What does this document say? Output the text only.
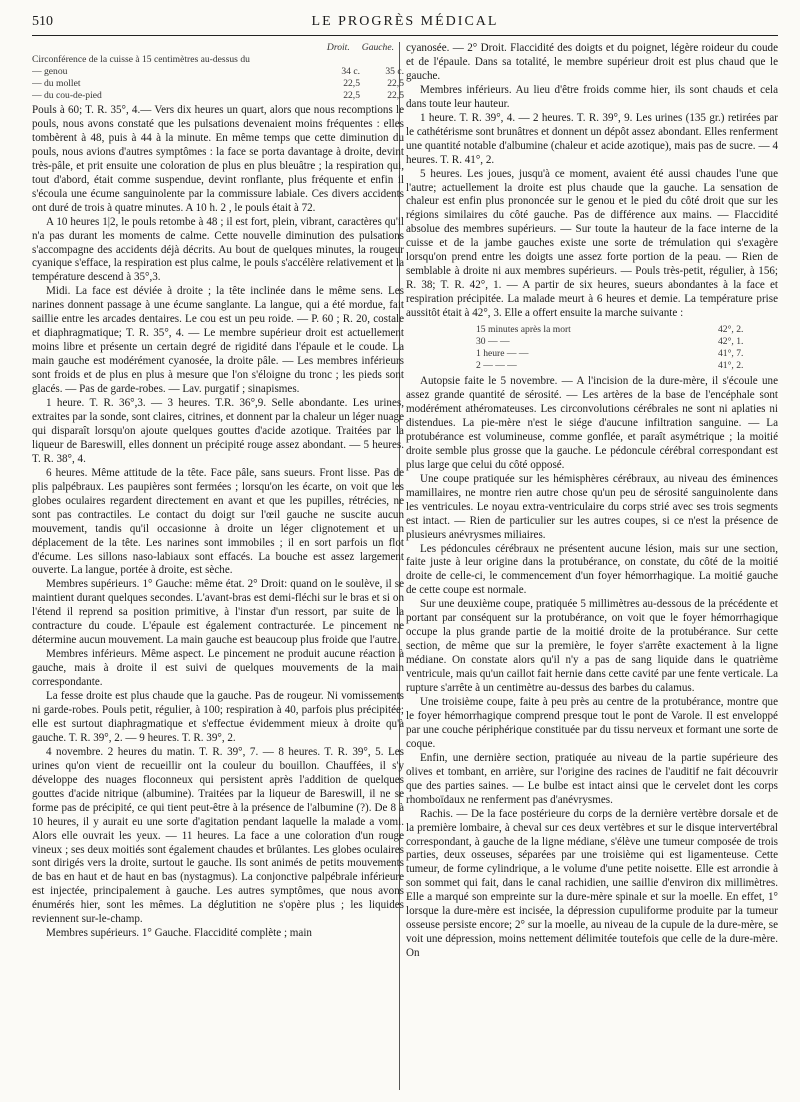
510	LE PROGRÈS MÉDICAL
Droit. Gauche.
Circonférence de la cuisse à 15 centimètres au-dessus du
— genou	34 c.	35 c.
— du mollet	22,5	22,5
— du cou-de-pied	22,5	22,5

Pouls à 60; T. R. 35°, 4.— Vers dix heures un quart, alors que nous recomptions le pouls, nous avons constaté que les pulsations devenaient moins fréquentes : elles tombèrent à 48, puis à 44 à la minute. En même temps que cette diminution du pouls, nous avions d'autres symptômes : la face se porta davantage à droite, devint très-pâle, et prit ensuite une coloration de plus en plus bleuâtre ; la respiration qui, tout d'abord, était comme suspendue, devint ronflante, plus fréquente et enfin il s'écoula une écume sanguinolente par la commissure labiale. Ces divers accidents ont duré de trois à quatre minutes. A 10 h. 2 , le pouls était à 72.

A 10 heures 1|2, le pouls retombe à 48 ; il est fort, plein, vibrant, caractères qu'il n'a pas durant les moments de calme. Cette nouvelle diminution des pulsations s'accompagne des accidents déjà décrits. Au bout de quelques minutes, la rougeur cyanique s'efface, la respiration est plus calme, le pouls s'accélère relativement et la température descend à 35°,3.

Midi. La face est déviée à droite ; la tête inclinée dans le même sens. Les narines donnent passage à une écume sanglante. La langue, qui a été mordue, fait saillie entre les arcades dentaires. Le cou est un peu roide. — P. 60 ; R. 20, costale et diaphragmatique; T. R. 35°, 4. — Le membre supérieur droit est actuellement moins libre et présente un certain degré de rigidité dans l'épaule et le coude. La main gauche est modérément cyanosée, la droite pâle. — Les membres inférieurs sont froids et de plus en plus à mesure que l'on s'éloigne du tronc ; les pieds sont glacés. — Pas de garde-robes. — Lav. purgatif ; sinapismes.

1 heure. T. R. 36°,3. — 3 heures. T.R. 36°,9. Selle abondante. Les urines, extraites par la sonde, sont claires, citrines, et donnent par la chaleur un léger nuage qui disparaît lorsqu'on ajoute quelques gouttes d'acide azotique. Traitées par la liqueur de Bareswill, elles donnent un précipité rouge assez abondant. — 5 heures. T. R. 38°, 4.

6 heures. Même attitude de la tête. Face pâle, sans sueurs. Front lisse. Pas de plis palpébraux. Les paupières sont fermées ; lorsqu'on les écarte, on voit que les globes oculaires regardent directement en avant et que les pupilles, rétrécies, ne sont pas contractiles. Le contact du doigt sur l'œil gauche ne suscite aucun mouvement, tandis qu'il occasionne à droite un léger clignotement et un déplacement de la tête. Les narines sont immobiles ; il en sort parfois un flot d'écume. Les sillons naso-labiaux sont effacés. La bouche est assez largement ouverte. La langue, portée à droite, est sèche.

Membres supérieurs. 1° Gauche: même état. 2° Droit: quand on le soulève, il se maintient durant quelques secondes. L'avant-bras est demi-fléchi sur le bras et si on l'étend il reprend sa position primitive, à l'instar d'un ressort, par suite de la contracture du coude. L'épaule est également contracturée. Le pincement ne détermine aucun mouvement. La main gauche est beaucoup plus froide que l'autre.

Membres inférieurs. Même aspect. Le pincement ne produit aucune réaction à gauche, mais à droite il est suivi de quelques mouvements de la main correspondante.

La fesse droite est plus chaude que la gauche. Pas de rougeur. Ni vomissements ni garde-robes. Pouls petit, régulier, à 100; respiration à 40, parfois plus précipitée; elle est surtout diaphragmatique et s'effectue évidemment mieux à droite qu'à gauche. T. R. 39°, 2. — 9 heures. T. R. 39°, 2.

4 novembre. 2 heures du matin. T. R. 39°, 7. — 8 heures. T. R. 39°, 5. Les urines qu'on vient de recueillir ont la couleur du bouillon. Chauffées, il s'y développe des nuages floconneux qui persistent après l'addition de quelques gouttes d'acide nitrique (albumine). Traitées par la liqueur de Bareswill, il ne se forme pas de précipité, ce qui tient peut-être à la présence de l'albumine (?). De 8 à 10 heures, il y aurait eu une sorte d'agitation pendant laquelle la malade a vomi. Alors elle ouvrait les yeux. — 11 heures. La face a une coloration d'un rouge vineux ; ses deux moitiés sont également chaudes et brûlantes. Les globes oculaires sont dirigés vers la droite, surtout le gauche. Ils sont animés de petits mouvements de bas en haut et de haut en bas (nystagmus). La conjonctive palpébrale inférieure est injectée, principalement à gauche. Les autres symptômes, que nous avons énumérés hier, sont les mêmes. La déglutition ne s'opère plus ; les liquides reviennent sur-le-champ.

Membres supérieurs. 1° Gauche. Flaccidité complète ; main

cyanosée. — 2° Droit. Flaccidité des doigts et du poignet, légère roideur du coude et de l'épaule. Dans sa totalité, le membre supérieur droit est plus chaud que le gauche.

Membres inférieurs. Au lieu d'être froids comme hier, ils sont chauds et cela dans toute leur hauteur.

1 heure. T. R. 39°, 4. — 2 heures. T. R. 39°, 9. Les urines (135 gr.) retirées par le cathétérisme sont brunâtres et donnent un dépôt assez abondant. Elles renferment une quantité notable d'albumine (chaleur et acide azotique), mais pas de sucre. — 4 heures. T. R. 41°, 2.

5 heures. Les joues, jusqu'à ce moment, avaient été aussi chaudes l'une que l'autre; actuellement la droite est plus chaude que la gauche. La sensation de chaleur est enfin plus prononcée sur le genou et le pied du côté droit que sur les régions similaires du côté gauche. Pas de différence aux mains. — Flaccidité absolue des membres supérieurs. — Sur toute la hauteur de la face interne de la cuisse et de la jambe gauches existe une sorte de trémulation qui s'exagère lorsqu'on prend entre les doigts une assez forte portion de la peau. — Rien de semblable à droite ni aux membres supérieurs. — Pouls très-petit, régulier, à 156; R. 38; T. R. 42°, 1. — A partir de six heures, sueurs abondantes à la face et respiration précipitée. La malade meurt à 6 heures et demie. La température prise aussitôt était à 42°, 3. Elle a offert ensuite la marche suivante :

15 minutes après la mort	42°, 2.
30 — —	42°, 1.
1 heure — —	41°, 7.
2 — — —	41°, 2.

Autopsie faite le 5 novembre. — A l'incision de la dure-mère, il s'écoule une assez grande quantité de sérosité. — Les artères de la base de l'encéphale sont modérément athéromateuses. Les circonvolutions cérébrales ne sont ni aplaties ni distendues. La pie-mère n'est le siége d'aucune infiltration sanguine. — La protubérance est volumineuse, comme gonflée, et paraît asymétrique ; la moitié droite semble plus grosse que la gauche. Le pédoncule cérébral correspondant est plus large que celui du côté opposé.

Une coupe pratiquée sur les hémisphères cérébraux, au niveau des éminences mamillaires, ne montre rien autre chose qu'un peu de sérosité sanguinolente dans les ventricules. Le noyau extra-ventriculaire du corps strié avec ses trois segments est intact. — Rien de particulier sur les autres coupes, si ce n'est la présence de plusieurs anévrysmes miliaires.

Les pédoncules cérébraux ne présentent aucune lésion, mais sur une section, faite juste à leur origine dans la protubérance, on constate, du côté de la moitié droite de celle-ci, le commencement d'un foyer hémorrhagique. La moitié gauche de cette coupe est normale.

Sur une deuxième coupe, pratiquée 5 millimètres au-dessous de la précédente et portant par conséquent sur la protubérance, on voit que le foyer hémorrhagique occupe la plus grande partie de la moitié droite de la protubérance. Sur cette section, de même que sur la première, le foyer s'arrête exactement à la ligne médiane. On constate alors qu'il n'y a pas de sang liquide dans le quatrième ventricule, mais qu'un caillot fait hernie dans cette cavité par une fente verticale. La rupture s'arrête à un centimètre au-dessus des barbes du calamus.

Une troisième coupe, faite à peu près au centre de la protubérance, montre que le foyer hémorrhagique comprend presque tout le pont de Varole. Il est enveloppé par une couche périphérique constituée par du tissu nerveux et formant une sorte de coque.

Enfin, une dernière section, pratiquée au niveau de la partie supérieure des olives et tombant, en arrière, sur l'origine des racines de l'auditif ne fait découvrir que des parties saines. — Le bulbe est intact ainsi que le cervelet dont les corps rhomboïdaux ne renferment pas d'anévrysmes.

Rachis. — De la face postérieure du corps de la dernière vertèbre dorsale et de la première lombaire, à cheval sur ces deux vertèbres et sur le disque intervertébral correspondant, à gauche de la ligne médiane, s'élève une tumeur composée de trois parties, deux osseuses, séparées par une troisième qui est ligamenteuse. Cette tumeur, de forme cylindrique, a le volume d'une petite noisette. Elle est arrondie à son sommet qui fait, dans le canal rachidien, une saillie d'environ dix millimètres. Elle a marqué son empreinte sur la dure-mère spinale et sur la moelle. En effet, 1° lorsque la dure-mère est incisée, la dépression cupuliforme produite par la tumeur osseuse persiste encore; 2° sur la moelle, au niveau de la cupule de la dure-mère, se voit une dépression, moins nettement délimitée toutefois que celle de la dure-mère. On
